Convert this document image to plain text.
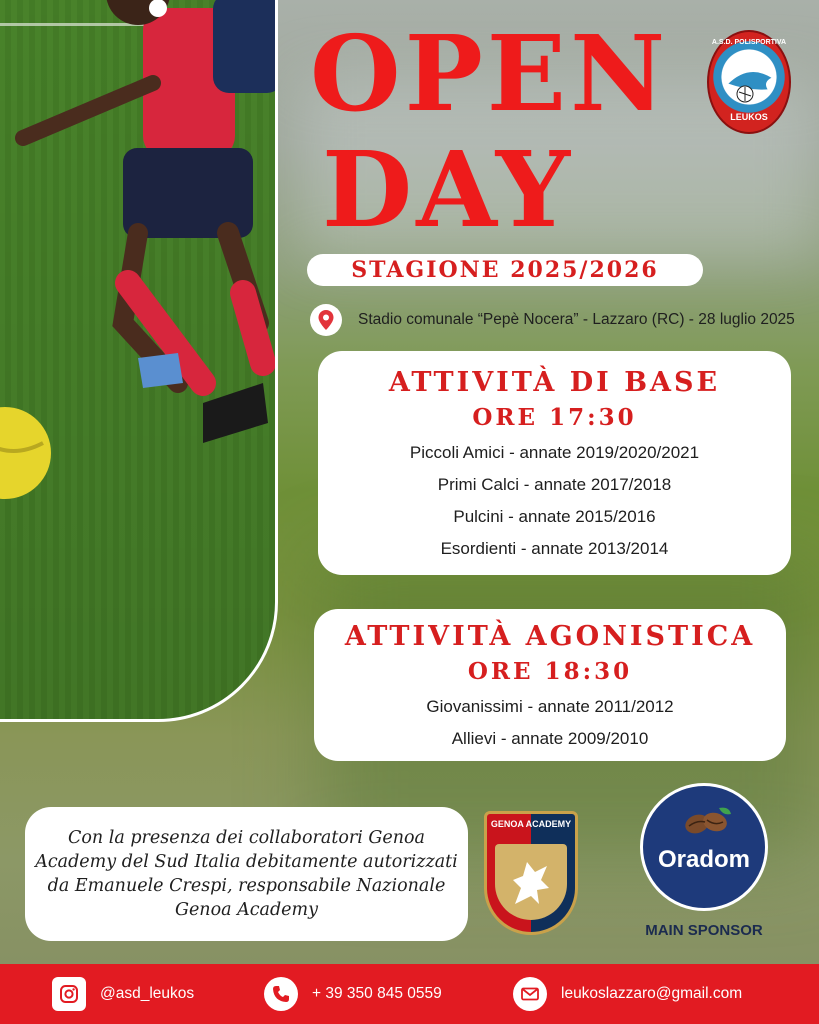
OPEN
DAY
A.S.D. POLISPORTIVA
LEUKOS
STAGIONE 2025/2026
Stadio comunale “Pepè Nocera” - Lazzaro (RC) - 28 luglio 2025
ATTIVITÀ DI BASE
ORE 17:30
Piccoli Amici - annate 2019/2020/2021
Primi Calci - annate 2017/2018
Pulcini - annate 2015/2016
Esordienti - annate 2013/2014
ATTIVITÀ AGONISTICA
ORE 18:30
Giovanissimi - annate 2011/2012
Allievi - annate 2009/2010

Con la presenza dei collaboratori Genoa Academy del Sud Italia debitamente autorizzati da Emanuele Crespi, responsabile Nazionale Genoa Academy

GENOA ACADEMY
Oradom
MAIN SPONSOR
@asd_leukos	+ 39 350 845 0559	leukoslazzaro@gmail.com
